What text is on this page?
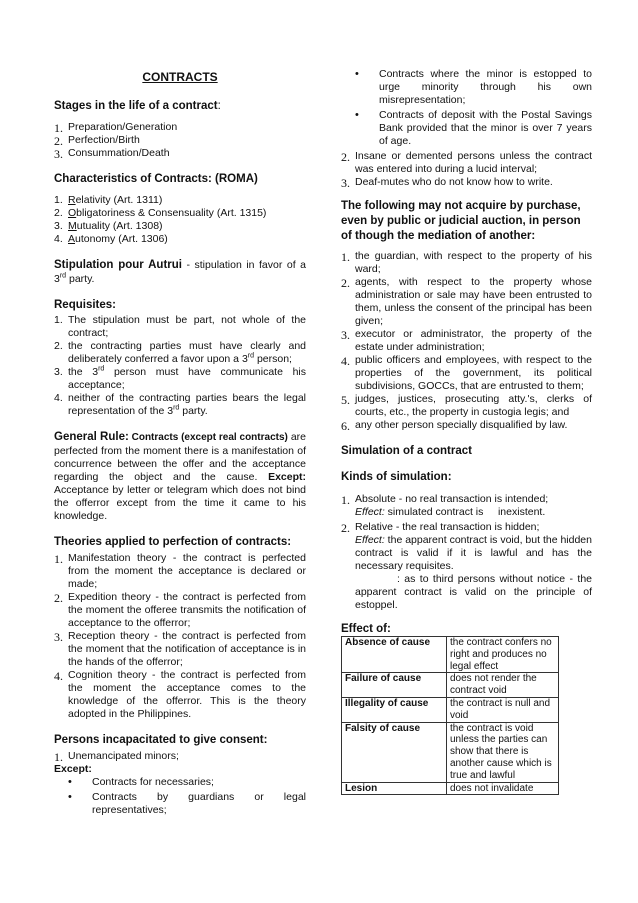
CONTRACTS
Stages in the life of a contract:
1. Preparation/Generation
2. Perfection/Birth
3. Consummation/Death
Characteristics of Contracts: (ROMA)
1. Relativity (Art. 1311)
2. Obligatoriness & Consensuality (Art. 1315)
3. Mutuality (Art. 1308)
4. Autonomy (Art. 1306)
Stipulation pour Autrui - stipulation in favor of a 3rd party.
Requisites:
1. The stipulation must be part, not whole of the contract;
2. the contracting parties must have clearly and deliberately conferred a favor upon a 3rd person;
3. the 3rd person must have communicate his acceptance;
4. neither of the contracting parties bears the legal representation of the 3rd party.
General Rule: Contracts (except real contracts) are perfected from the moment there is a manifestation of concurrence between the offer and the acceptance regarding the object and the cause. Except: Acceptance by letter or telegram which does not bind the offerror except from the time it came to his knowledge.
Theories applied to perfection of contracts:
1. Manifestation theory - the contract is perfected from the moment the acceptance is declared or made;
2. Expedition theory - the contract is perfected from the moment the offeree transmits the notification of acceptance to the offerror;
3. Reception theory - the contract is perfected from the moment that the notification of acceptance is in the hands of the offerror;
4. Cognition theory - the contract is perfected from the moment the acceptance comes to the knowledge of the offerror. This is the theory adopted in the Philippines.
Persons incapacitated to give consent:
1. Unemancipated minors;
Except:
• Contracts for necessaries;
• Contracts by guardians or legal representatives;
• Contracts where the minor is estopped to urge minority through his own misrepresentation;
• Contracts of deposit with the Postal Savings Bank provided that the minor is over 7 years of age.
2. Insane or demented persons unless the contract was entered into during a lucid interval;
3. Deaf-mutes who do not know how to write.
The following may not acquire by purchase, even by public or judicial auction, in person of though the mediation of another:
1. the guardian, with respect to the property of his ward;
2. agents, with respect to the property whose administration or sale may have been entrusted to them, unless the consent of the principal has been given;
3. executor or administrator, the property of the estate under administration;
4. public officers and employees, with respect to the properties of the government, its political subdivisions, GOCCs, that are entrusted to them;
5. judges, justices, prosecuting atty.'s, clerks of courts, etc., the property in custogia legis; and
6. any other person specially disqualified by law.
Simulation of a contract
Kinds of simulation:
1. Absolute - no real transaction is intended;
Effect: simulated contract is     inexistent.
2. Relative - the real transaction is hidden;
Effect: the apparent contract is void, but the hidden contract is valid if it is lawful and has the necessary requisites.
: as to third persons without notice - the apparent contract is valid on the principle of estoppel.
Effect of:
Absence of cause	the contract confers no right and produces no legal effect
Failure of cause	does not render the contract void
Illegality of cause	the contract is null and void
Falsity of cause	the contract is void unless the parties can show that there is another cause which is true and lawful
Lesion	does not invalidate
